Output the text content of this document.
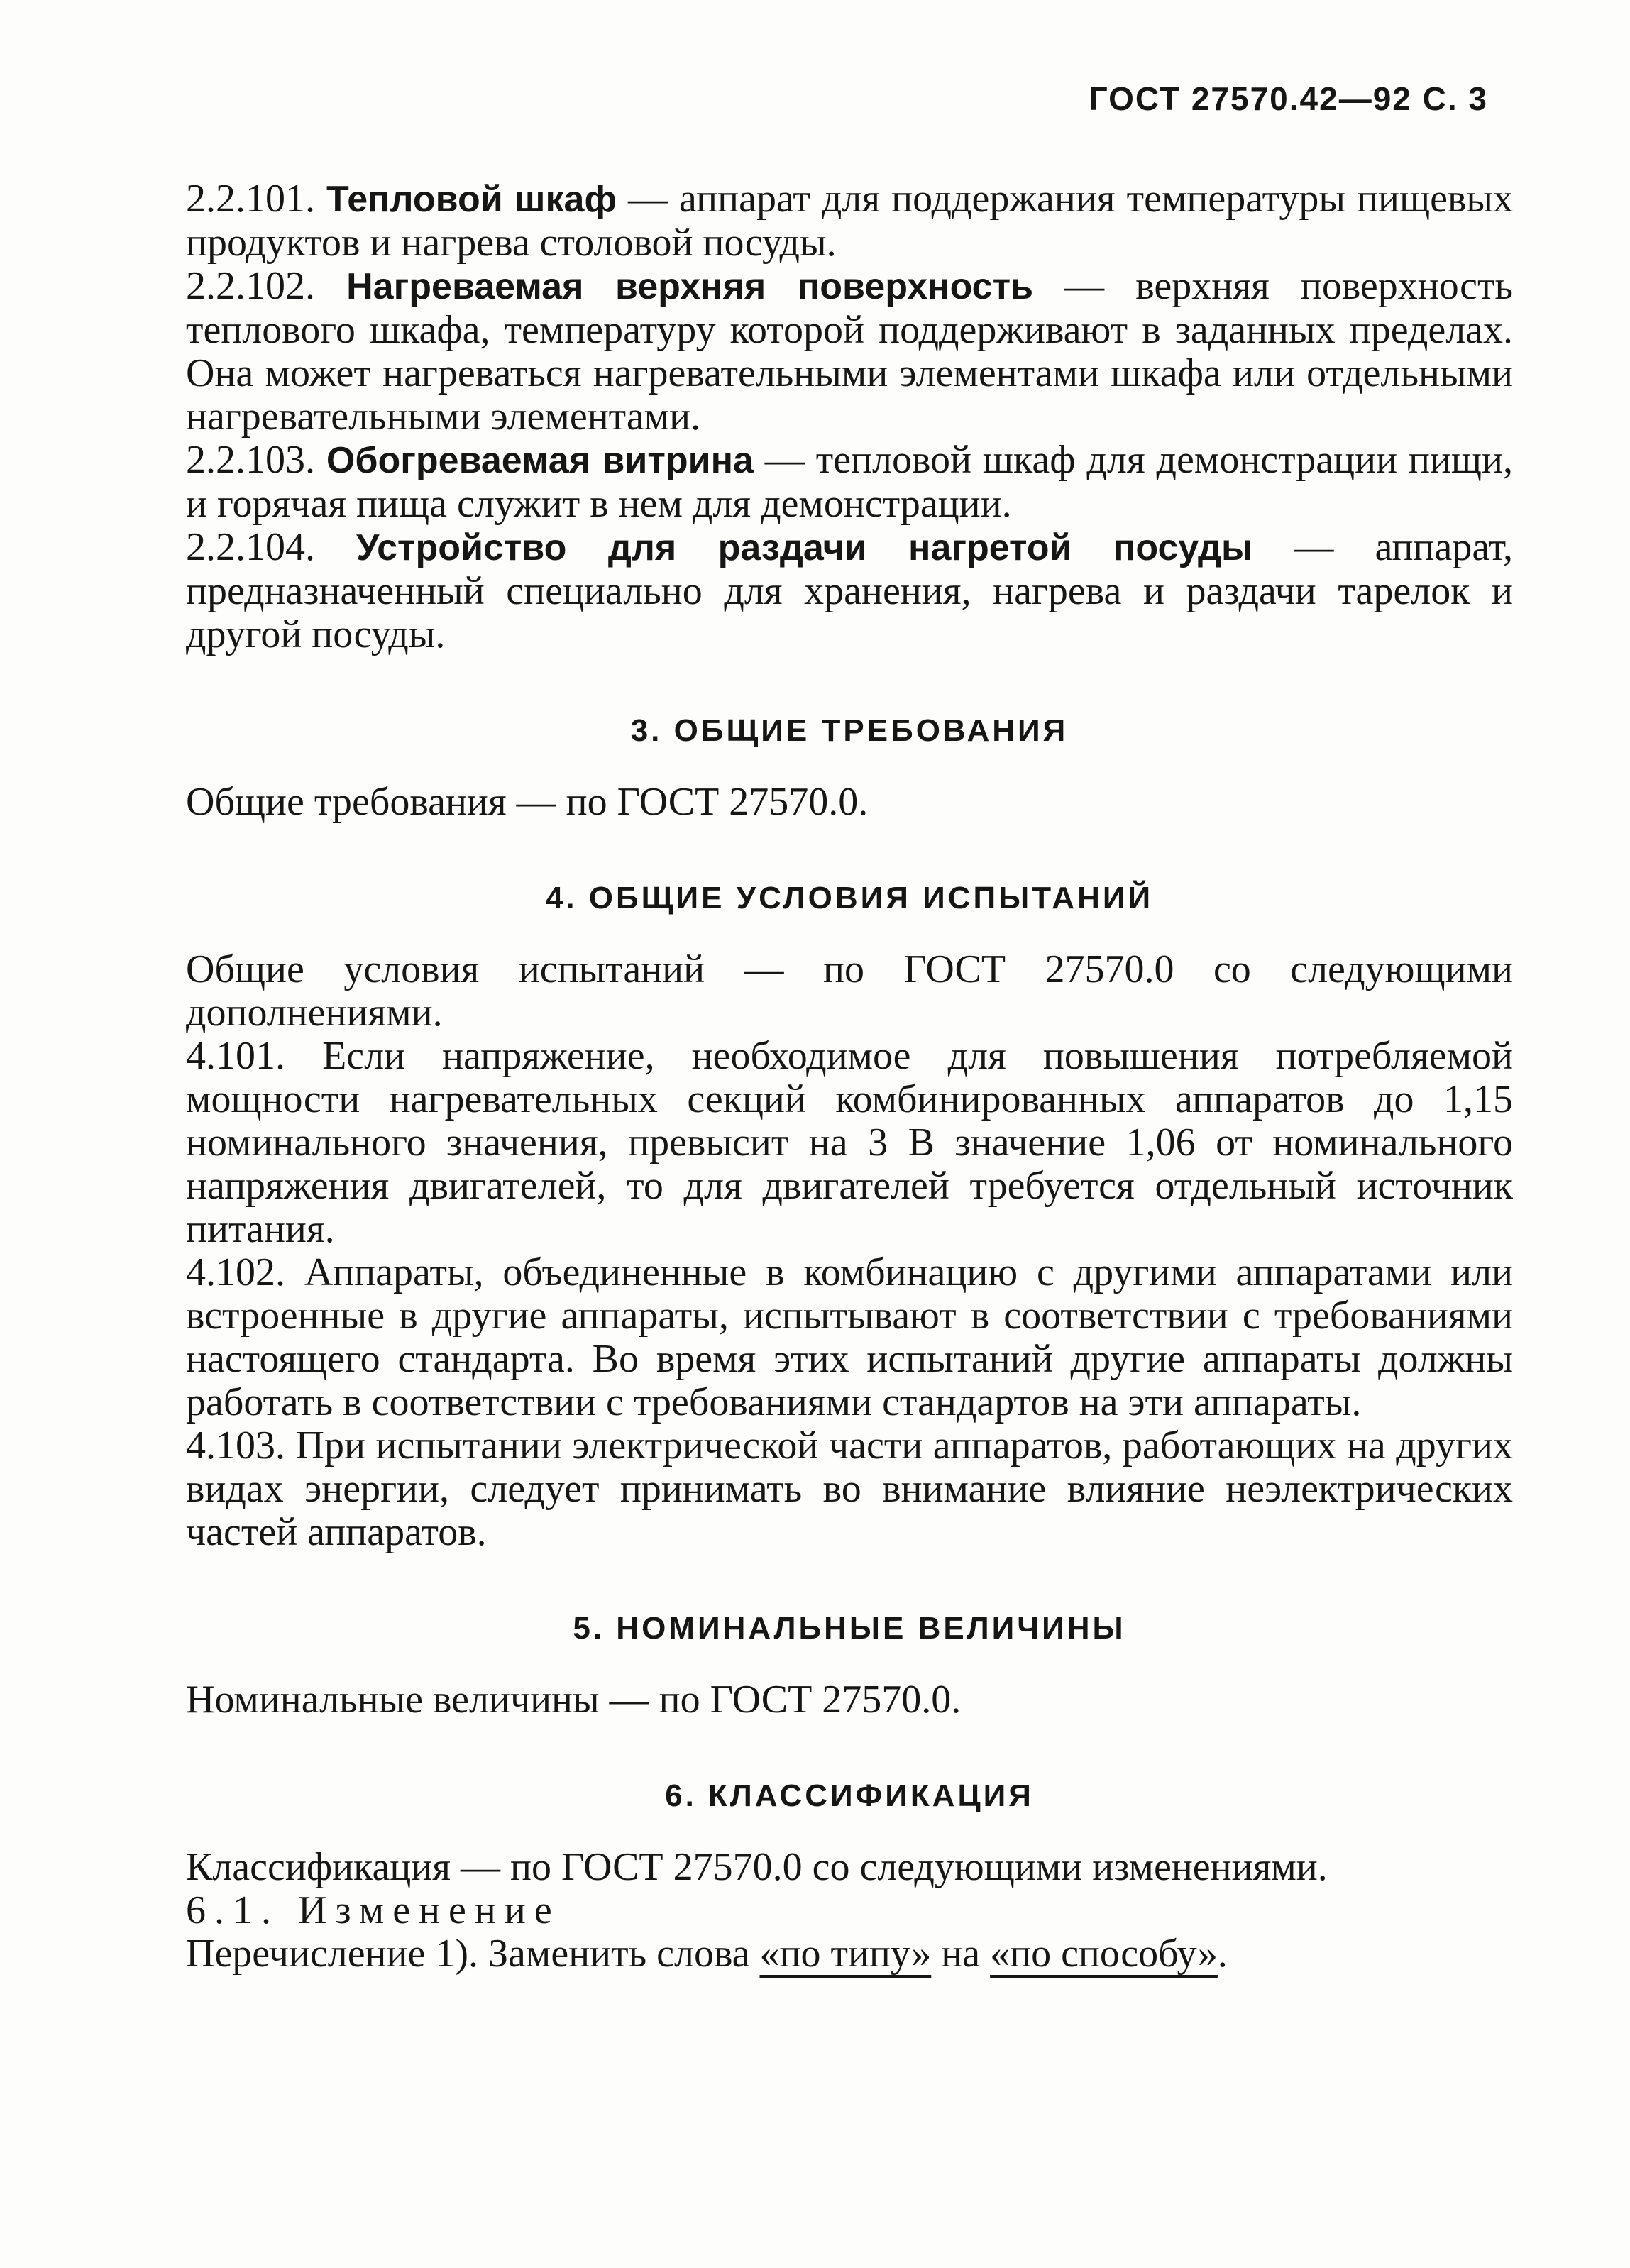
ГОСТ 27570.42—92 С. 3

2.2.101. Тепловой шкаф — аппарат для поддержания температуры пищевых продуктов и нагрева столовой посуды.

2.2.102. Нагреваемая верхняя поверхность — верхняя поверхность теплового шкафа, температуру которой поддерживают в заданных пределах. Она может нагреваться нагревательными элементами шкафа или отдельными нагревательными элементами.

2.2.103. Обогреваемая витрина — тепловой шкаф для демонстрации пищи, и горячая пища служит в нем для демонстрации.

2.2.104. Устройство для раздачи нагретой посуды — аппарат, предназначенный специально для хранения, нагрева и раздачи тарелок и другой посуды.

3. ОБЩИЕ ТРЕБОВАНИЯ

Общие требования — по ГОСТ 27570.0.

4. ОБЩИЕ УСЛОВИЯ ИСПЫТАНИЙ

Общие условия испытаний — по ГОСТ 27570.0 со следующими дополнениями.

4.101. Если напряжение, необходимое для повышения потребляемой мощности нагревательных секций комбинированных аппаратов до 1,15 номинального значения, превысит на 3 В значение 1,06 от номинального напряжения двигателей, то для двигателей требуется отдельный источник питания.

4.102. Аппараты, объединенные в комбинацию с другими аппаратами или встроенные в другие аппараты, испытывают в соответствии с требованиями настоящего стандарта. Во время этих испытаний другие аппараты должны работать в соответствии с требованиями стандартов на эти аппараты.

4.103. При испытании электрической части аппаратов, работающих на других видах энергии, следует принимать во внимание влияние неэлектрических частей аппаратов.

5. НОМИНАЛЬНЫЕ ВЕЛИЧИНЫ

Номинальные величины — по ГОСТ 27570.0.

6. КЛАССИФИКАЦИЯ

Классификация — по ГОСТ 27570.0 со следующими изменениями.

6.1. Изменение

Перечисление 1). Заменить слова «по типу» на «по способу».
